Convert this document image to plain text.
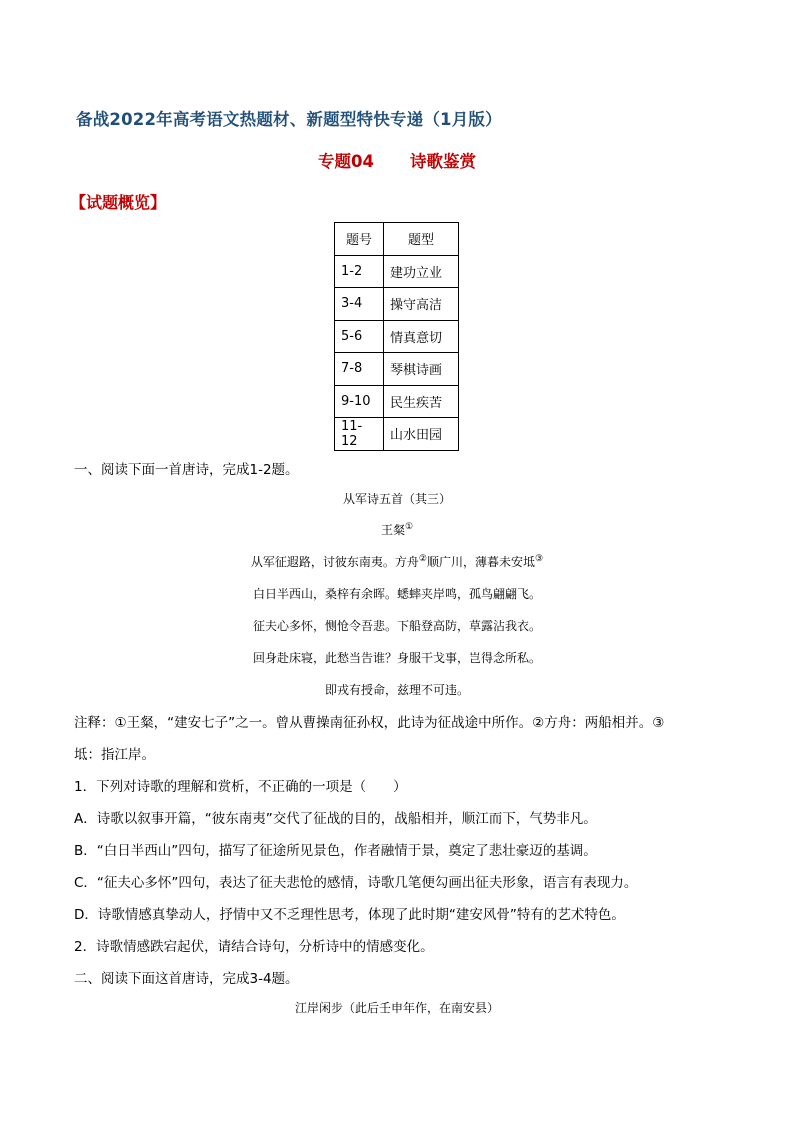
备战2022年高考语文热题材、新题型特快专递（1月版）
专题04 诗歌鉴赏
【试题概览】
题号	题型
1-2	建功立业
3-4	操守高洁
5-6	情真意切
7-8	琴棋诗画
9-10	民生疾苦
11-12	山水田园
一、阅读下面一首唐诗，完成1-2题。
从军诗五首（其三）
王粲①
从军征遐路，讨彼东南夷。方舟②顺广川，薄暮未安坻③
白日半西山，桑梓有余晖。蟋蟀夹岸鸣，孤鸟翩翩飞。
征夫心多怀，恻怆令吾悲。下船登高防，草露沾我衣。
回身赴床寝，此愁当告谁？身服干戈事，岂得念所私。
即戎有授命，兹理不可违。
注释：①王粲，“建安七子”之一。曾从曹操南征孙权，此诗为征战途中所作。②方舟：两船相并。③
坻：指江岸。
1．下列对诗歌的理解和赏析，不正确的一项是（　　）
A．诗歌以叙事开篇，“彼东南夷”交代了征战的目的，战船相并，顺江而下，气势非凡。
B．“白日半西山”四句，描写了征途所见景色，作者融情于景，奠定了悲壮豪迈的基调。
C．“征夫心多怀”四句，表达了征夫悲怆的感情，诗歌几笔便勾画出征夫形象，语言有表现力。
D．诗歌情感真挚动人，抒情中又不乏理性思考，体现了此时期“建安风骨”特有的艺术特色。
2．诗歌情感跌宕起伏，请结合诗句，分析诗中的情感变化。
二、阅读下面这首唐诗，完成3-4题。
江岸闲步（此后壬申年作，在南安县）
